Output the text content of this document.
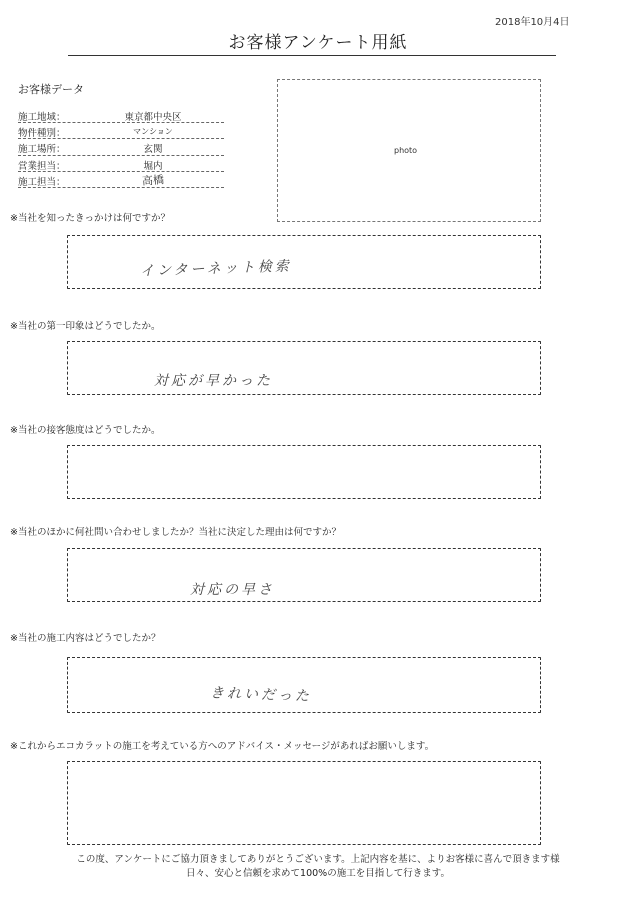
2018年10月4日
お客様アンケート用紙
お客様データ
施工地域：	東京都中央区
物件種別：	マンション
施工場所：	玄関
営業担当：	堀内
施工担当：	高橋
photo
※当社を知ったきっかけは何ですか？
インターネット検索
※当社の第一印象はどうでしたか。
対応が早かった
※当社の接客態度はどうでしたか。
※当社のほかに何社問い合わせしましたか？当社に決定した理由は何ですか？
対応の早さ
※当社の施工内容はどうでしたか？
きれいだった
※これからエコカラットの施工を考えている方へのアドバイス・メッセージがあればお願いします。
この度、アンケートにご協力頂きましてありがとうございます。上記内容を基に、よりお客様に喜んで頂きます様
日々、安心と信頼を求めて100%の施工を目指して行きます。
